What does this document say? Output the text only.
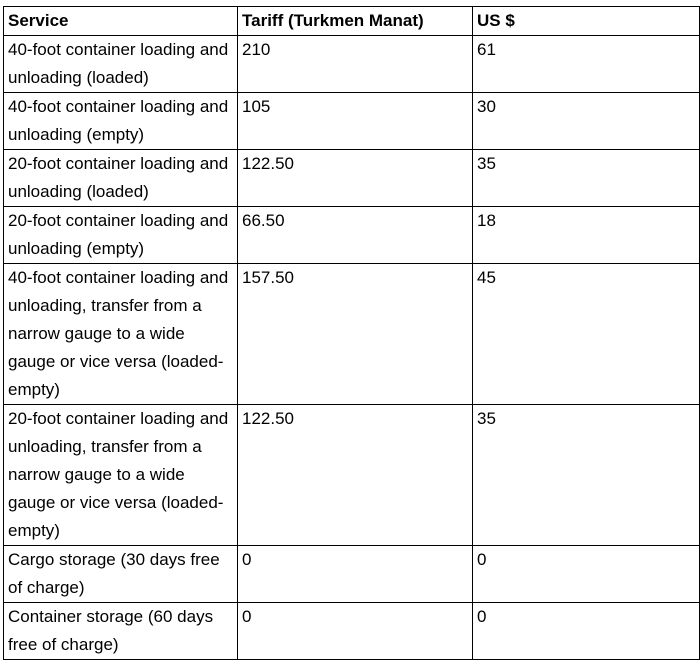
Service	Tariff (Turkmen Manat)	US $
40-foot container loading and unloading (loaded)	210	61
40-foot container loading and unloading (empty)	105	30
20-foot container loading and unloading (loaded)	122.50	35
20-foot container loading and unloading (empty)	66.50	18
40-foot container loading and unloading, transfer from a narrow gauge to a wide gauge or vice versa (loaded- empty)	157.50	45
20-foot container loading and unloading, transfer from a narrow gauge to a wide gauge or vice versa (loaded- empty)	122.50	35
Cargo storage (30 days free of charge)	0	0
Container storage (60 days free of charge)	0	0
